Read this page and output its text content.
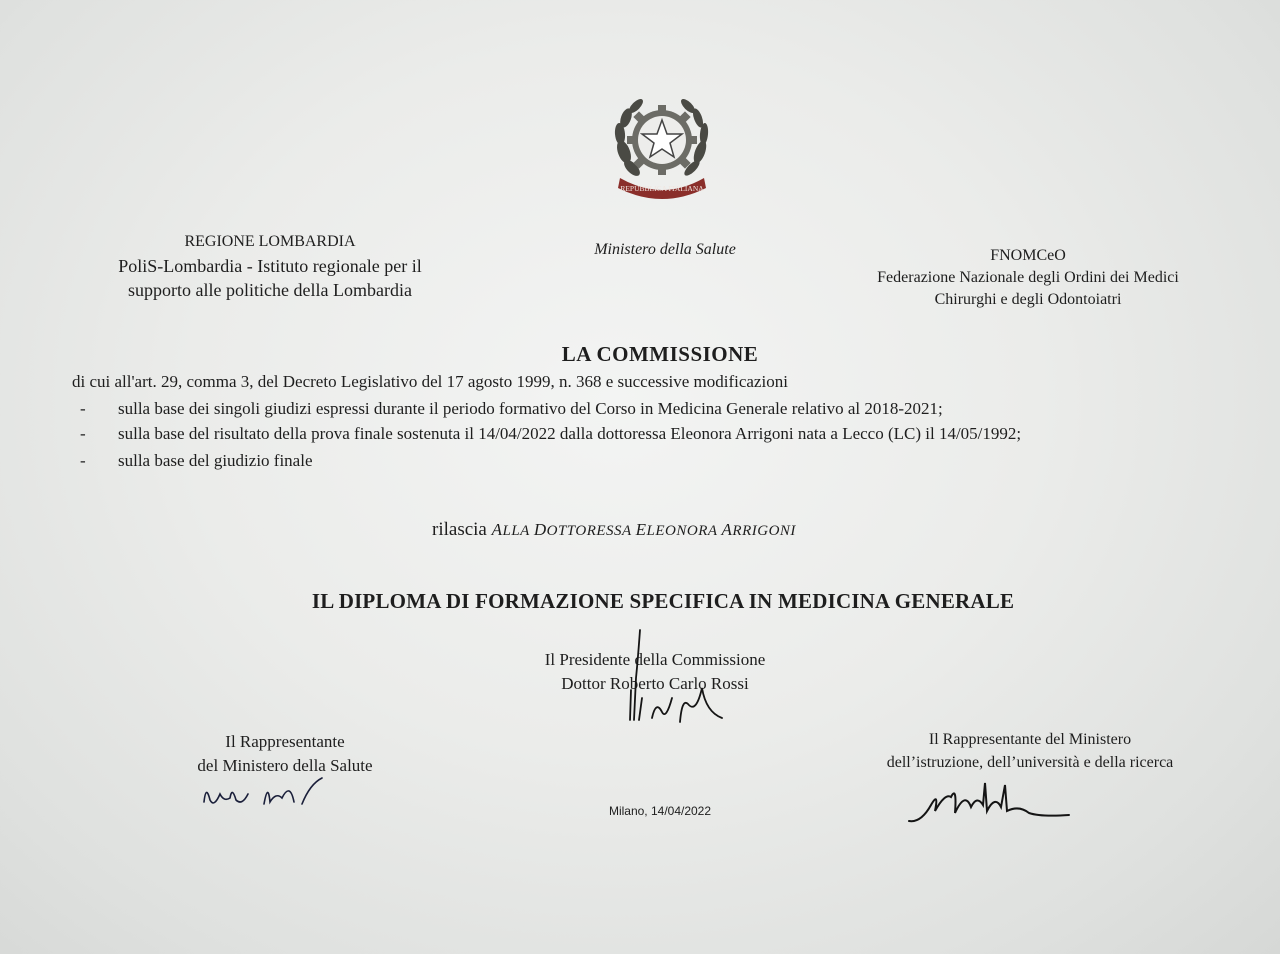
REPUBBLICA ITALIANA
REGIONE LOMBARDIA
PoliS-Lombardia - Istituto regionale per il
supporto alle politiche della Lombardia
Ministero della Salute	FNOMCeO
Federazione Nazionale degli Ordini dei Medici
Chirurghi e degli Odontoiatri
LA COMMISSIONE
di cui all'art. 29, comma 3, del Decreto Legislativo del 17 agosto 1999, n. 368 e successive modificazioni
- sulla base dei singoli giudizi espressi durante il periodo formativo del Corso in Medicina Generale relativo al 2018-2021;
- sulla base del risultato della prova finale sostenuta il 14/04/2022 dalla dottoressa Eleonora Arrigoni nata a Lecco (LC) il 14/05/1992;
- sulla base del giudizio finale
rilascia ALLA DOTTORESSA ELEONORA ARRIGONI
IL DIPLOMA DI FORMAZIONE SPECIFICA IN MEDICINA GENERALE
Il Presidente della Commissione
Dottor Roberto Carlo Rossi
Il Rappresentante
del Ministero della Salute
Il Rappresentante del Ministero
dell’istruzione, dell’università e della ricerca
Milano, 14/04/2022
